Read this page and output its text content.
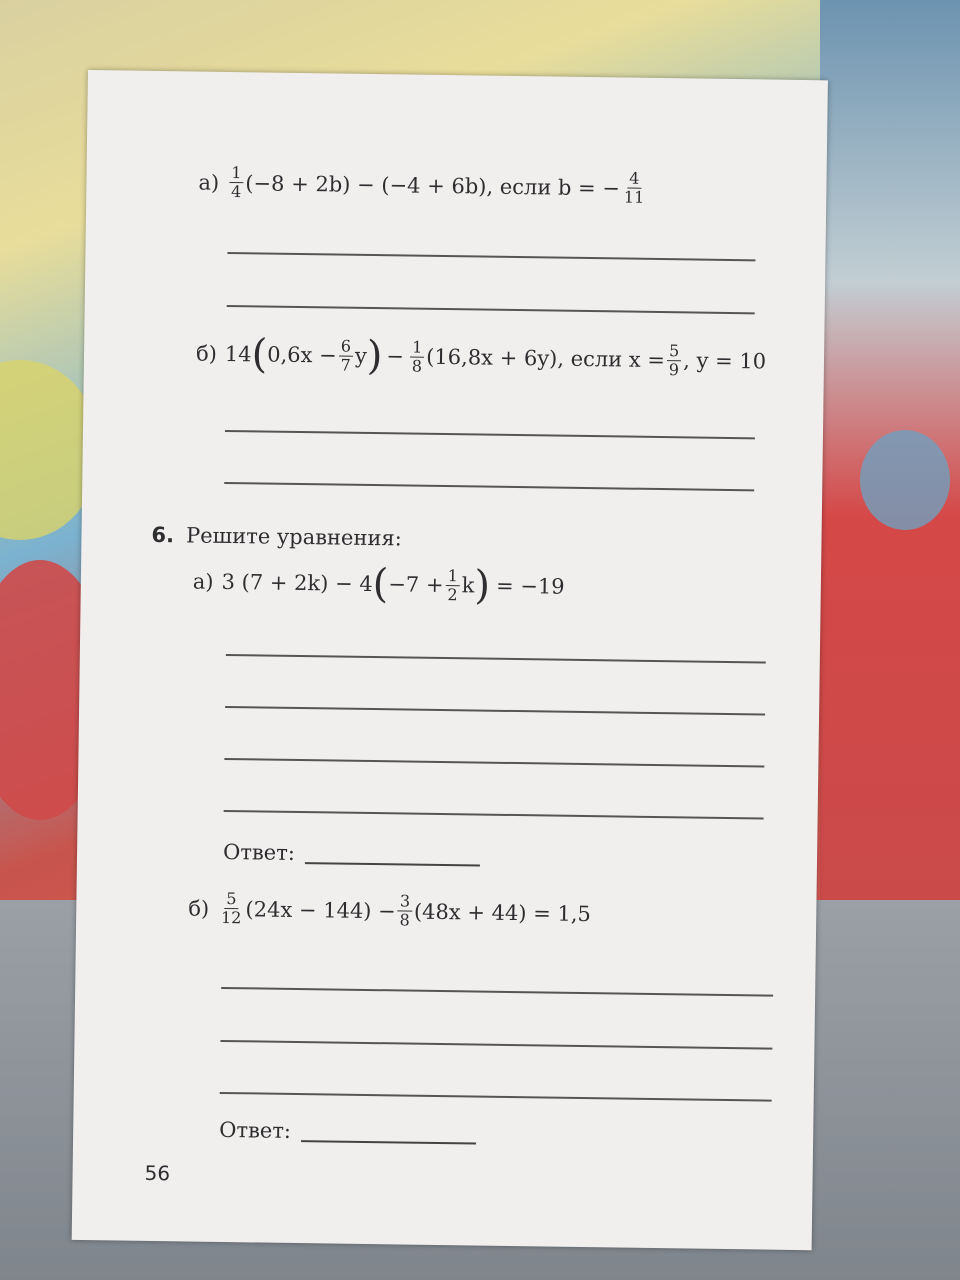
$а) \frac{1}{4} (-8 + 2b) - (-4 + 6b)$, если b = − $\frac{4}{11}$
б) 14 ( $0,6x - \frac{6}{7}$ y ) − $\frac{1}{8} (16,8x + 6y)$, если $x = \frac{5}{9}$ , y = 10
6. Решите уравнения:
а) 3 (7 + 2k) − 4 ( $-7 + \frac{1}{2}$ k ) = −19
Ответ:
$б) \frac{5}{12} (24x - 144) - \frac{3}{8} (48x + 44) = 1,5$
Ответ:
56
